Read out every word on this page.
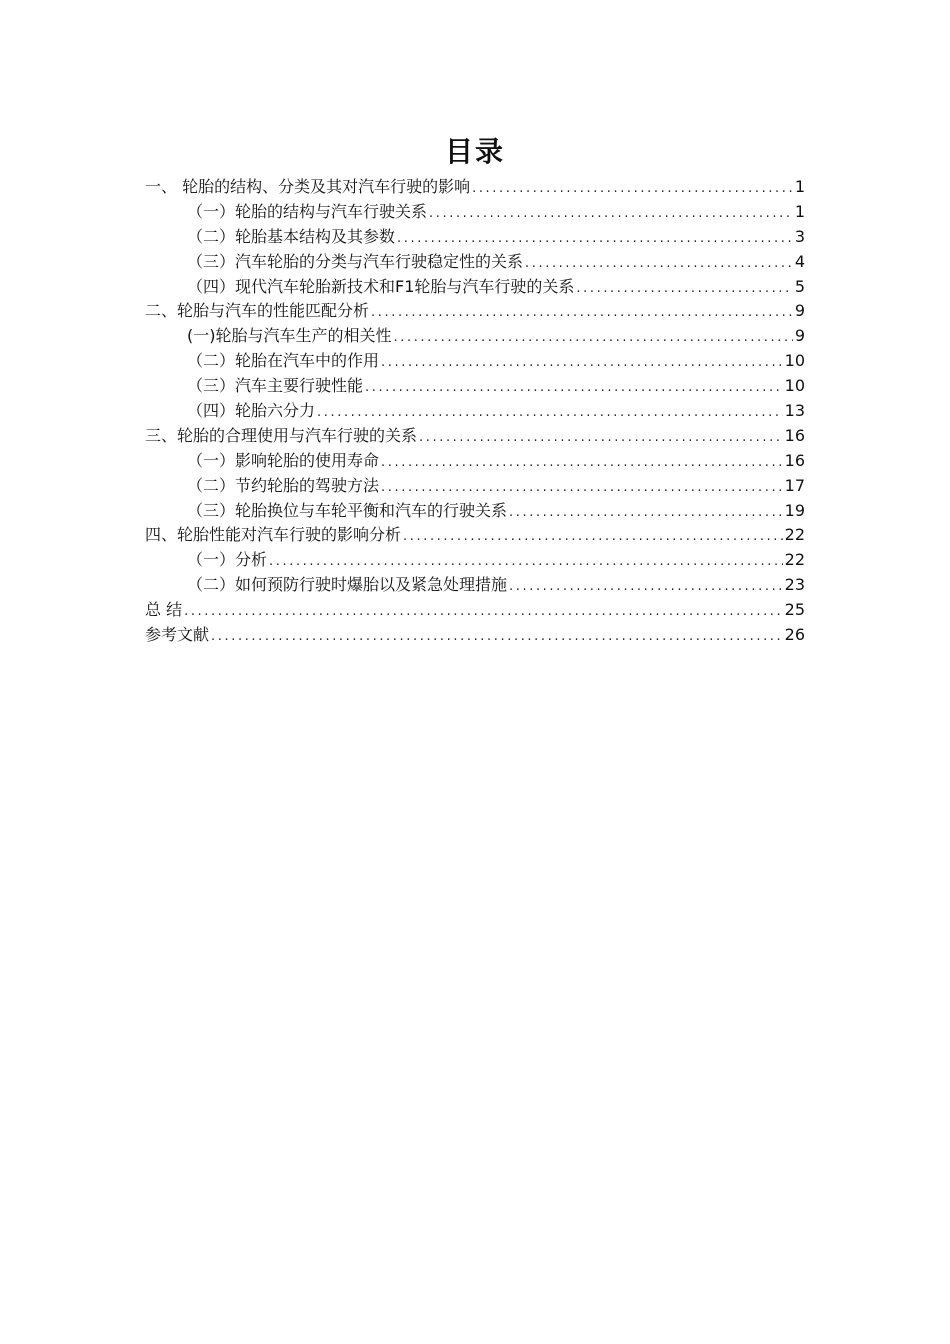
目录
一、 轮胎的结构、分类及其对汽车行驶的影响 .....	1
（一）轮胎的结构与汽车行驶关系 .....	1
（二）轮胎基本结构及其参数 .....	3
（三）汽车轮胎的分类与汽车行驶稳定性的关系 .....	4
（四）现代汽车轮胎新技术和F1轮胎与汽车行驶的关系 .....	5
二、轮胎与汽车的性能匹配分析 .....	9
(一)轮胎与汽车生产的相关性 .....	9
（二）轮胎在汽车中的作用 .....	10
（三）汽车主要行驶性能 .....	10
（四）轮胎六分力 .....	13
三、轮胎的合理使用与汽车行驶的关系 .....	16
（一）影响轮胎的使用寿命 .....	16
（二）节约轮胎的驾驶方法 .....	17
（三）轮胎换位与车轮平衡和汽车的行驶关系 .....	19
四、轮胎性能对汽车行驶的影响分析 .....	22
（一）分析 .....	22
（二）如何预防行驶时爆胎以及紧急处理措施 .....	23
总 结 .....	25
参考文献 .....	26
